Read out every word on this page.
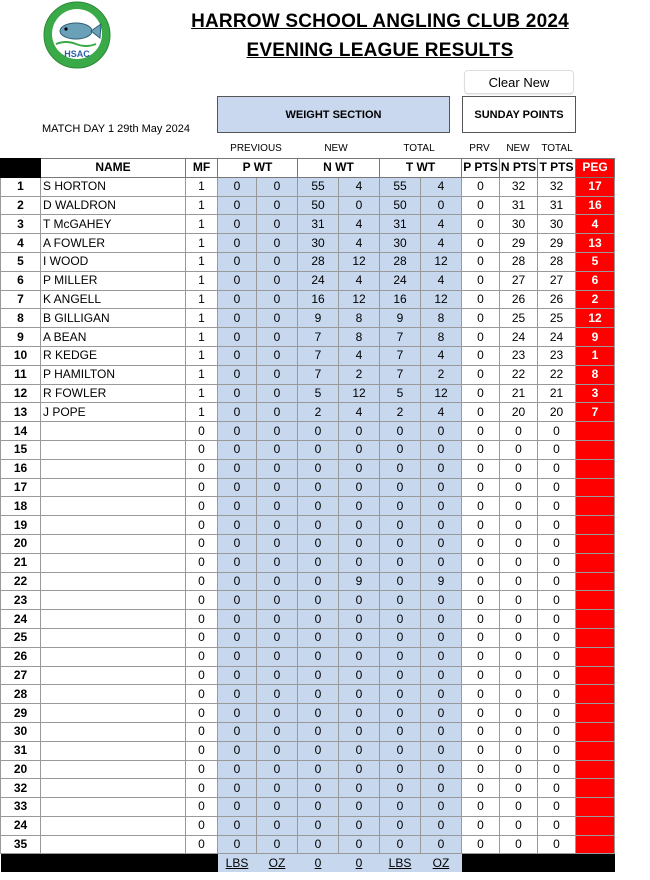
HSAC
HARROW SCHOOL ANGLING CLUB 2024
EVENING LEAGUE RESULTS
Clear New
WEIGHT SECTION	SUNDAY POINTS
MATCH DAY 1 29th May 2024
PREVIOUS	NEW	TOTAL	PRV	NEW	TOTAL
	NAME	MF	P WT		N WT		T WT		P PTS	N PTS	T PTS	PEG
1	S HORTON	1	0	0	55	4	55	4	0	32	32	17
2	D WALDRON	1	0	0	50	0	50	0	0	31	31	16
3	T McGAHEY	1	0	0	31	4	31	4	0	30	30	4
4	A FOWLER	1	0	0	30	4	30	4	0	29	29	13
5	I WOOD	1	0	0	28	12	28	12	0	28	28	5
6	P MILLER	1	0	0	24	4	24	4	0	27	27	6
7	K ANGELL	1	0	0	16	12	16	12	0	26	26	2
8	B GILLIGAN	1	0	0	9	8	9	8	0	25	25	12
9	A BEAN	1	0	0	7	8	7	8	0	24	24	9
10	R KEDGE	1	0	0	7	4	7	4	0	23	23	1
11	P HAMILTON	1	0	0	7	2	7	2	0	22	22	8
12	R FOWLER	1	0	0	5	12	5	12	0	21	21	3
13	J POPE	1	0	0	2	4	2	4	0	20	20	7
14		0	0	0	0	0	0	0	0	0	0	
15		0	0	0	0	0	0	0	0	0	0	
16		0	0	0	0	0	0	0	0	0	0	
17		0	0	0	0	0	0	0	0	0	0	
18		0	0	0	0	0	0	0	0	0	0	
19		0	0	0	0	0	0	0	0	0	0	
20		0	0	0	0	0	0	0	0	0	0	
21		0	0	0	0	0	0	0	0	0	0	
22		0	0	0	0	9	0	9	0	0	0	
23		0	0	0	0	0	0	0	0	0	0	
24		0	0	0	0	0	0	0	0	0	0	
25		0	0	0	0	0	0	0	0	0	0	
26		0	0	0	0	0	0	0	0	0	0	
27		0	0	0	0	0	0	0	0	0	0	
28		0	0	0	0	0	0	0	0	0	0	
29		0	0	0	0	0	0	0	0	0	0	
30		0	0	0	0	0	0	0	0	0	0	
31		0	0	0	0	0	0	0	0	0	0	
20		0	0	0	0	0	0	0	0	0	0	
32		0	0	0	0	0	0	0	0	0	0	
33		0	0	0	0	0	0	0	0	0	0	
24		0	0	0	0	0	0	0	0	0	0	
35		0	0	0	0	0	0	0	0	0	0	
			LBS	OZ	0	0	LBS	OZ				
